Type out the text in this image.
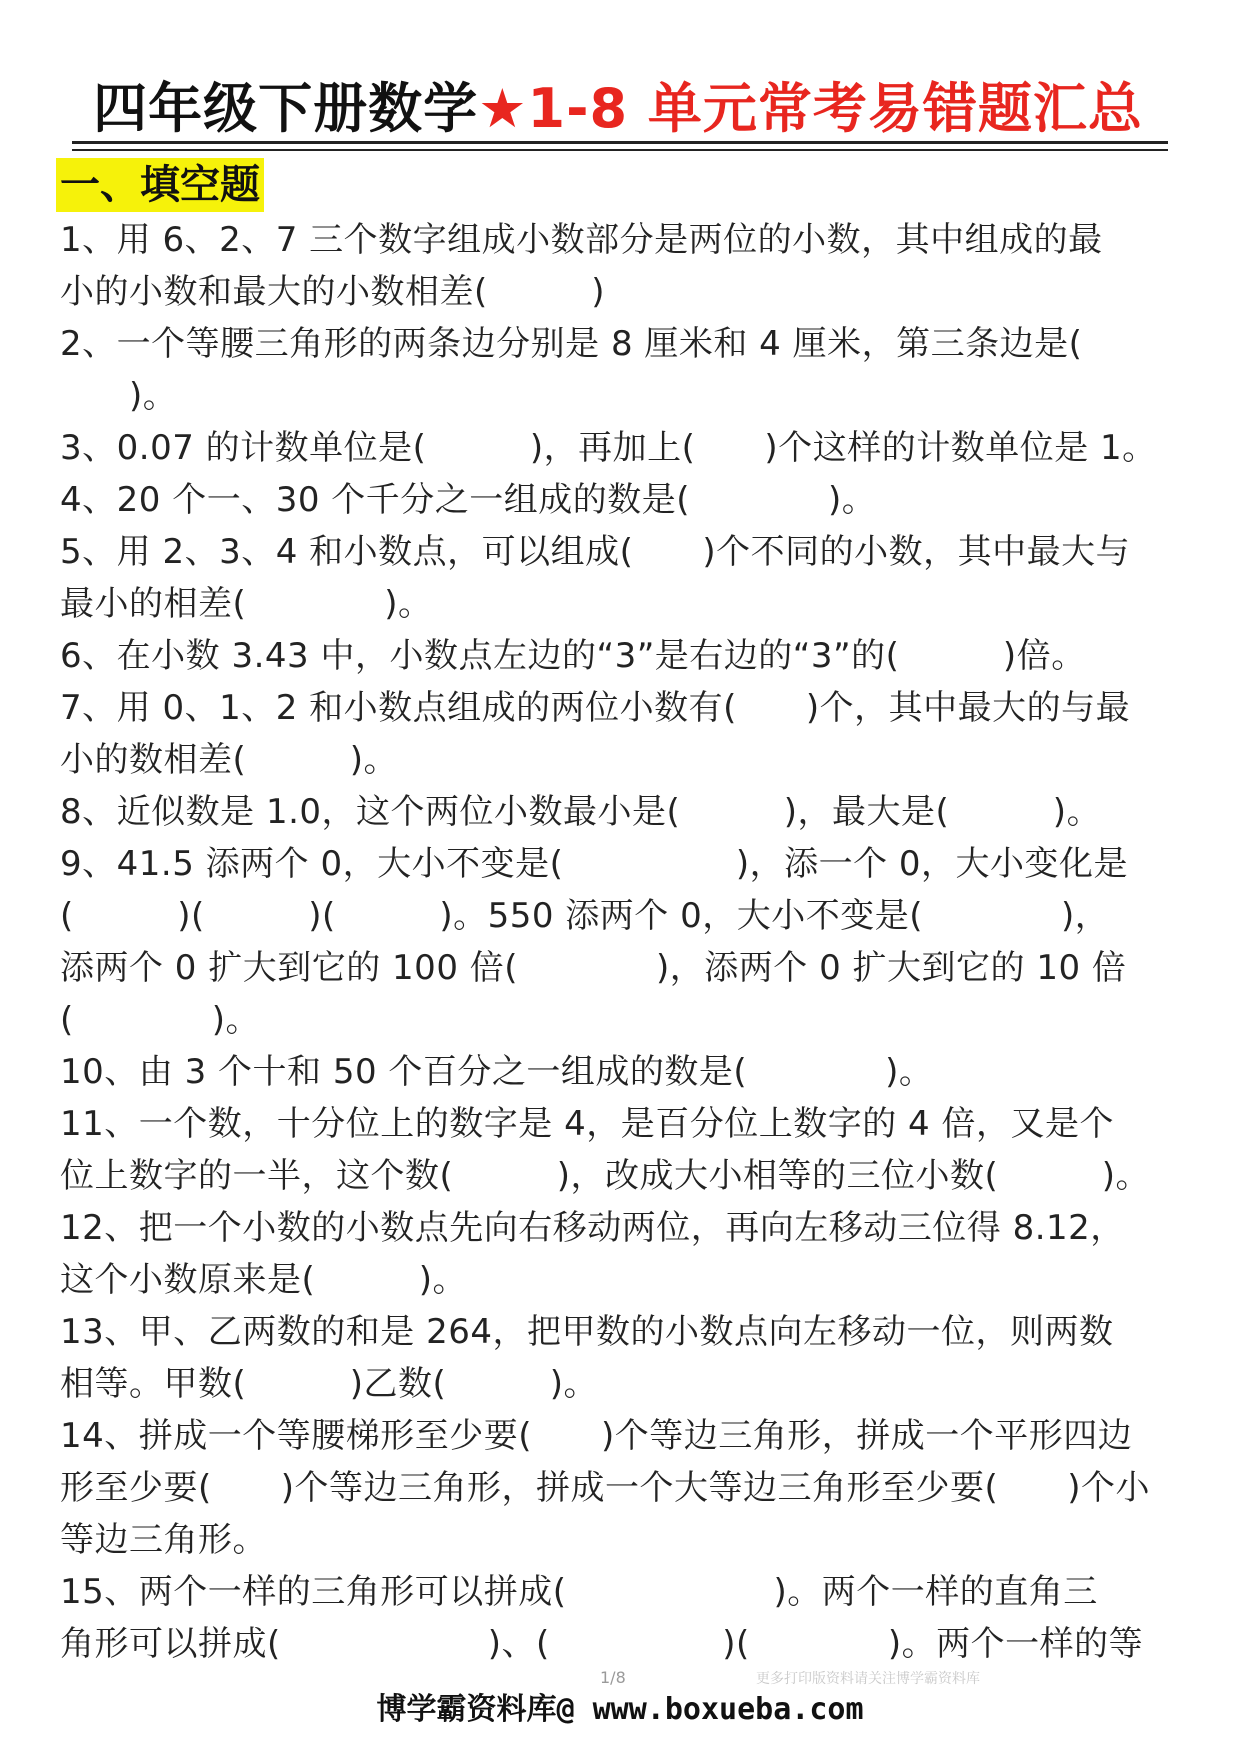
四年级下册数学★1-8 单元常考易错题汇总
一、填空题
1、用 6、2、7 三个数字组成小数部分是两位的小数，其中组成的最
小的小数和最大的小数相差(　　　)
2、一个等腰三角形的两条边分别是 8 厘米和 4 厘米，第三条边是(
　　)。
3、0.07 的计数单位是(　　　)，再加上(　　)个这样的计数单位是 1。
4、20 个一、30 个千分之一组成的数是(　　　　)。
5、用 2、3、4 和小数点，可以组成(　　)个不同的小数，其中最大与
最小的相差(　　　　)。
6、在小数 3.43 中，小数点左边的“3”是右边的“3”的(　　　)倍。
7、用 0、1、2 和小数点组成的两位小数有(　　)个，其中最大的与最
小的数相差(　　　)。
8、近似数是 1.0，这个两位小数最小是(　　　)，最大是(　　　)。
9、41.5 添两个 0，大小不变是(　　　　　)，添一个 0，大小变化是
(　　　)(　　　)(　　　)。550 添两个 0，大小不变是(　　　　)，
添两个 0 扩大到它的 100 倍(　　　　)，添两个 0 扩大到它的 10 倍
(　　　　)。
10、由 3 个十和 50 个百分之一组成的数是(　　　　)。
11、一个数，十分位上的数字是 4，是百分位上数字的 4 倍，又是个
位上数字的一半，这个数(　　　)，改成大小相等的三位小数(　　　)。
12、把一个小数的小数点先向右移动两位，再向左移动三位得 8.12，
这个小数原来是(　　　)。
13、甲、乙两数的和是 264，把甲数的小数点向左移动一位，则两数
相等。甲数(　　　)乙数(　　　)。
14、拼成一个等腰梯形至少要(　　)个等边三角形，拼成一个平形四边
形至少要(　　)个等边三角形，拼成一个大等边三角形至少要(　　)个小
等边三角形。
15、两个一样的三角形可以拼成(　　　　　　)。两个一样的直角三
角形可以拼成(　　　　　　)、(　　　　　)(　　　　)。两个一样的等
1/8	更多打印版资料请关注博学霸资料库
博学霸资料库@ www.boxueba.com
